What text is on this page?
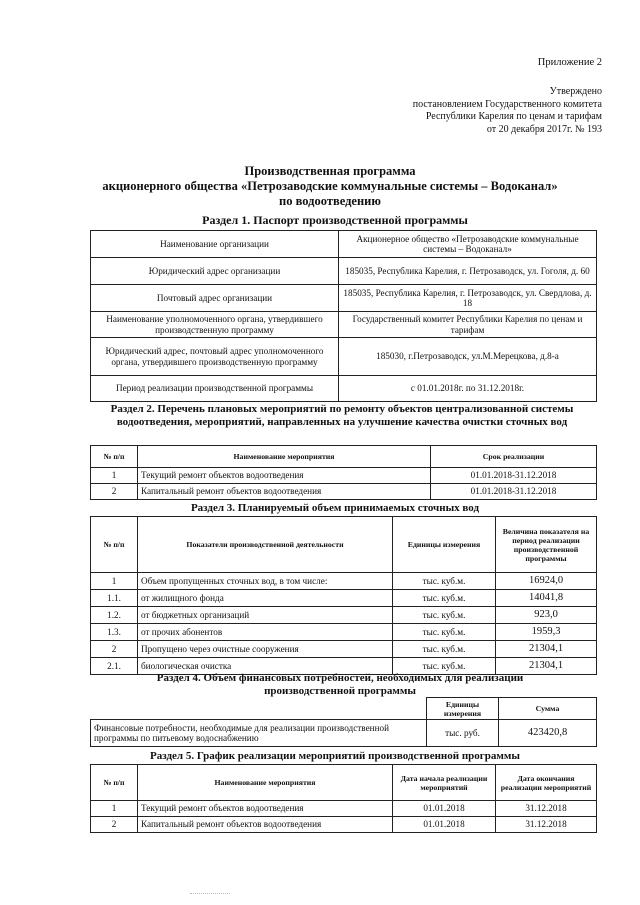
Приложение 2
Утверждено
постановлением Государственного комитета
Республики Карелия по ценам и тарифам
от 20 декабря 2017г. № 193
Производственная программа
акционерного общества «Петрозаводские коммунальные системы – Водоканал»
по водоотведению
Раздел 1. Паспорт производственной программы
Наименование организации	Акционерное общество «Петрозаводские коммунальные системы – Водоканал»
Юридический адрес организации	185035, Республика Карелия, г. Петрозаводск, ул. Гоголя, д. 60
Почтовый адрес организации	185035, Республика Карелия, г. Петрозаводск, ул. Свердлова, д. 18
Наименование уполномоченного органа, утвердившего производственную программу	Государственный комитет Республики Карелия по ценам и тарифам
Юридический адрес, почтовый адрес уполномоченного органа, утвердившего производственную программу	185030, г.Петрозаводск, ул.М.Мерецкова, д.8-а
Период реализации производственной программы	с 01.01.2018г. по 31.12.2018г.
Раздел 2. Перечень плановых мероприятий по ремонту объектов централизованной системы водоотведения, мероприятий, направленных на улучшение качества очистки сточных вод
№ п/п	Наименование мероприятия	Срок реализации
1	Текущий ремонт объектов водоотведения	01.01.2018-31.12.2018
2	Капитальный ремонт объектов водоотведения	01.01.2018-31.12.2018
Раздел 3. Планируемый объем принимаемых сточных вод
№ п/п	Показатели производственной деятельности	Единицы измерения	Величина показателя на период реализации производственной программы
1	Объем пропущенных сточных вод, в том числе:	тыс. куб.м.	16924,0
1.1.	от жилищного фонда	тыс. куб.м.	14041,8
1.2.	от бюджетных организаций	тыс. куб.м.	923,0
1.3.	от прочих абонентов	тыс. куб.м.	1959,3
2	Пропущено через очистные сооружения	тыс. куб.м.	21304,1
2.1.	биологическая очистка	тыс. куб.м.	21304,1
Раздел 4. Объем финансовых потребностей, необходимых для реализации производственной программы
	Единицы измерения	Сумма
Финансовые потребности, необходимые для реализации производственной программы по питьевому водоснабжению	тыс. руб.	423420,8
Раздел 5. График реализации мероприятий производственной программы
№ п/п	Наименование мероприятия	Дата начала реализации мероприятий	Дата окончания реализации мероприятий
1	Текущий ремонт объектов водоотведения	01.01.2018	31.12.2018
2	Капитальный ремонт объектов водоотведения	01.01.2018	31.12.2018
